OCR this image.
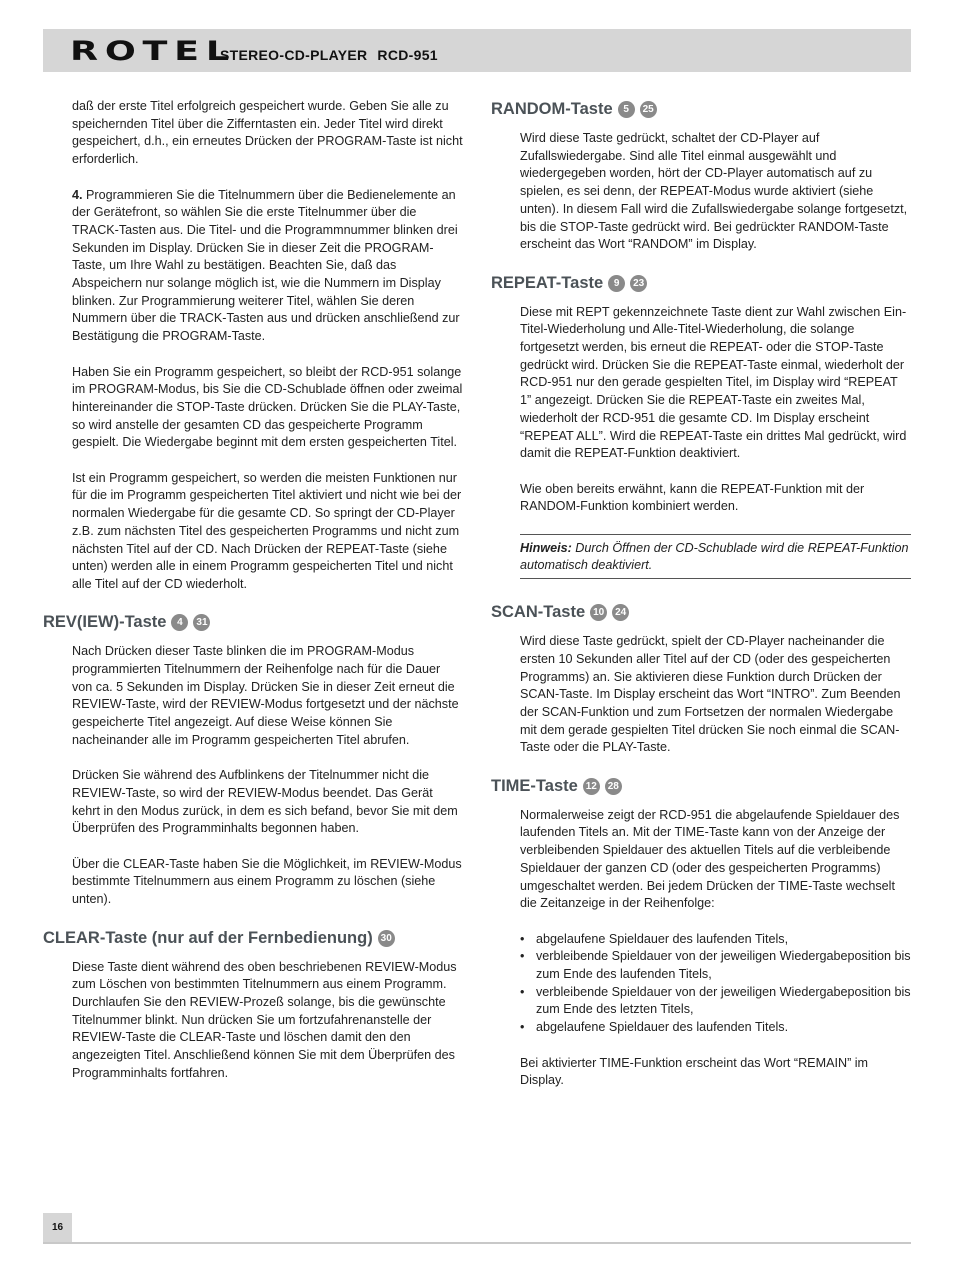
ROTEL
STEREO-CD-PLAYER RCD-951

daß der erste Titel erfolgreich gespeichert wurde. Geben Sie alle zu speichernden Titel über die Zifferntasten ein. Jeder Titel wird direkt gespeichert, d.h., ein erneutes Drücken der PROGRAM-Taste ist nicht erforderlich.

4. Programmieren Sie die Titelnummern über die Bedienelemente an der Gerätefront, so wählen Sie die erste Titelnummer über die TRACK-Tasten aus. Die Titel- und die Programmnummer blinken drei Sekunden im Display. Drücken Sie in dieser Zeit die PROGRAM-Taste, um Ihre Wahl zu bestätigen. Beachten Sie, daß das Abspeichern nur solange möglich ist, wie die Nummern im Display blinken. Zur Programmierung weiterer Titel, wählen Sie deren Nummern über die TRACK-Tasten aus und drücken anschließend zur Bestätigung die PROGRAM-Taste.

Haben Sie ein Programm gespeichert, so bleibt der RCD-951 solange im PROGRAM-Modus, bis Sie die CD-Schublade öffnen oder zweimal hintereinander die STOP-Taste drücken. Drücken Sie die PLAY-Taste, so wird anstelle der gesamten CD das gespeicherte Programm gespielt. Die Wiedergabe beginnt mit dem ersten gespeicherten Titel.

Ist ein Programm gespeichert, so werden die meisten Funktionen nur für die im Programm gespeicherten Titel aktiviert und nicht wie bei der normalen Wiedergabe für die gesamte CD. So springt der CD-Player z.B. zum nächsten Titel des gespeicherten Programms und nicht zum nächsten Titel auf der CD. Nach Drücken der REPEAT-Taste (siehe unten) werden alle in einem Programm gespeicherten Titel und nicht alle Titel auf der CD wiederholt.

REV(IEW)-Taste 4 31

Nach Drücken dieser Taste blinken die im PROGRAM-Modus programmierten Titelnummern der Reihenfolge nach für die Dauer von ca. 5 Sekunden im Display. Drücken Sie in dieser Zeit erneut die REVIEW-Taste, wird der REVIEW-Modus fortgesetzt und der nächste gespeicherte Titel angezeigt. Auf diese Weise können Sie nacheinander alle im Programm gespeicherten Titel abrufen.

Drücken Sie während des Aufblinkens der Titelnummer nicht die REVIEW-Taste, so wird der REVIEW-Modus beendet. Das Gerät kehrt in den Modus zurück, in dem es sich befand, bevor Sie mit dem Überprüfen des Programminhalts begonnen haben.

Über die CLEAR-Taste haben Sie die Möglichkeit, im REVIEW-Modus bestimmte Titelnummern aus einem Programm zu löschen (siehe unten).

CLEAR-Taste (nur auf der Fernbedienung) 30

Diese Taste dient während des oben beschriebenen REVIEW-Modus zum Löschen von bestimmten Titelnummern aus einem Programm. Durchlaufen Sie den REVIEW-Prozeß solange, bis die gewünschte Titelnummer blinkt. Nun drücken Sie um fortzufahrenanstelle der REVIEW-Taste die CLEAR-Taste und löschen damit den den angezeigten Titel. Anschließend können Sie mit dem Überprüfen des Programminhalts fortfahren.

RANDOM-Taste 5 25

Wird diese Taste gedrückt, schaltet der CD-Player auf Zufallswiedergabe. Sind alle Titel einmal ausgewählt und wiedergegeben worden, hört der CD-Player automatisch auf zu spielen, es sei denn, der REPEAT-Modus wurde aktiviert (siehe unten). In diesem Fall wird die Zufallswiedergabe solange fortgesetzt, bis die STOP-Taste gedrückt wird. Bei gedrückter RANDOM-Taste erscheint das Wort “RANDOM” im Display.

REPEAT-Taste 9 23

Diese mit REPT gekennzeichnete Taste dient zur Wahl zwischen Ein-Titel-Wiederholung und Alle-Titel-Wiederholung, die solange fortgesetzt werden, bis erneut die REPEAT- oder die STOP-Taste gedrückt wird. Drücken Sie die REPEAT-Taste einmal, wiederholt der RCD-951 nur den gerade gespielten Titel, im Display wird “REPEAT 1” angezeigt. Drücken Sie die REPEAT-Taste ein zweites Mal, wiederholt der RCD-951 die gesamte CD. Im Display erscheint “REPEAT ALL”. Wird die REPEAT-Taste ein drittes Mal gedrückt, wird damit die REPEAT-Funktion deaktiviert.

Wie oben bereits erwähnt, kann die REPEAT-Funktion mit der RANDOM-Funktion kombiniert werden.

Hinweis: Durch Öffnen der CD-Schublade wird die REPEAT-Funktion automatisch deaktiviert.
SCAN-Taste 10 24

Wird diese Taste gedrückt, spielt der CD-Player nacheinander die ersten 10 Sekunden aller Titel auf der CD (oder des gespeicherten Programms) an. Sie aktivieren diese Funktion durch Drücken der SCAN-Taste. Im Display erscheint das Wort “INTRO”. Zum Beenden der SCAN-Funktion und zum Fortsetzen der normalen Wiedergabe mit dem gerade gespielten Titel drücken Sie noch einmal die SCAN-Taste oder die PLAY-Taste.

TIME-Taste 12 28

Normalerweise zeigt der RCD-951 die abgelaufende Spieldauer des laufenden Titels an. Mit der TIME-Taste kann von der Anzeige der verbleibenden Spieldauer des aktuellen Titels auf die verbleibende Spieldauer der ganzen CD (oder des gespeicherten Programms) umgeschaltet werden. Bei jedem Drücken der TIME-Taste wechselt die Zeitanzeige in der Reihenfolge:

• abgelaufene Spieldauer des laufenden Titels,
• verbleibende Spieldauer von der jeweiligen Wiedergabeposition bis zum Ende des laufenden Titels,
• verbleibende Spieldauer von der jeweiligen Wiedergabeposition bis zum Ende des letzten Titels,
• abgelaufene Spieldauer des laufenden Titels.

Bei aktivierter TIME-Funktion erscheint das Wort “REMAIN” im Display.

16
